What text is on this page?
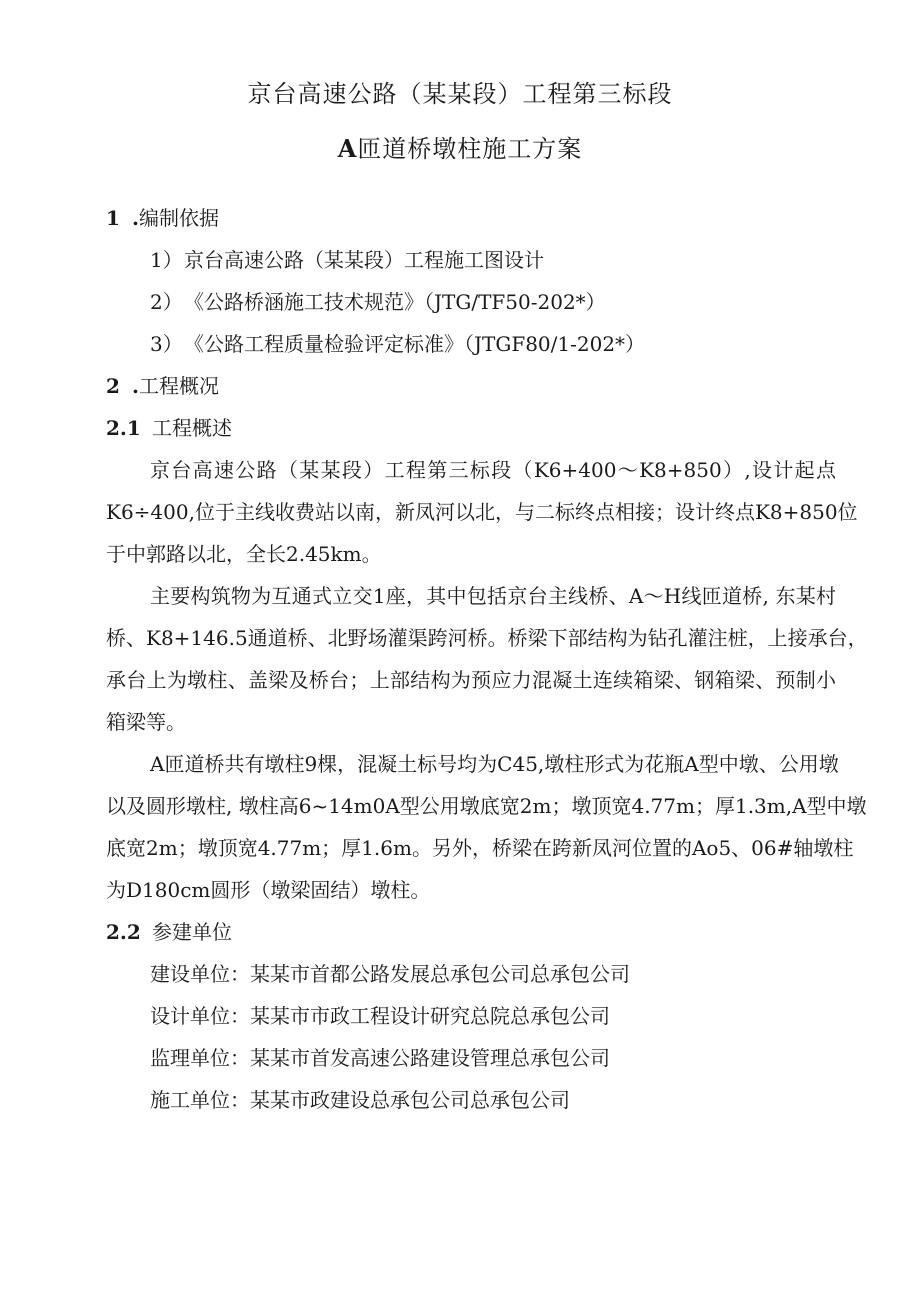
京台高速公路（某某段）工程第三标段
A匝道桥墩柱施工方案
1 .编制依据
1）京台高速公路（某某段）工程施工图设计
2）《公路桥涵施工技术规范》（JTG/TF50-202*）
3）《公路工程质量检验评定标准》（JTGF80/1-202*）
2 .工程概况
2.1 工程概述
京台高速公路（某某段）工程第三标段（K6+400～K8+850）,设计起点
K6÷400,位于主线收费站以南，新凤河以北，与二标终点相接；设计终点K8+850位
于中郭路以北，全长2.45km。
主要构筑物为互通式立交1座，其中包括京台主线桥、A～H线匝道桥, 东某村
桥、K8+146.5通道桥、北野场灌渠跨河桥。桥梁下部结构为钻孔灌注桩，上接承台，
承台上为墩柱、盖梁及桥台；上部结构为预应力混凝土连续箱梁、钢箱梁、预制小
箱梁等。
A匝道桥共有墩柱9棵，混凝土标号均为C45,墩柱形式为花瓶A型中墩、公用墩
以及圆形墩柱, 墩柱高6~14m0A型公用墩底宽2m；墩顶宽4.77m；厚1.3m,A型中墩
底宽2m；墩顶宽4.77m；厚1.6m。另外，桥梁在跨新凤河位置的Ao5、06#轴墩柱
为D180cm圆形（墩梁固结）墩柱。
2.2 参建单位
建设单位：某某市首都公路发展总承包公司总承包公司
设计单位：某某市市政工程设计研究总院总承包公司
监理单位：某某市首发高速公路建设管理总承包公司
施工单位：某某市政建设总承包公司总承包公司
